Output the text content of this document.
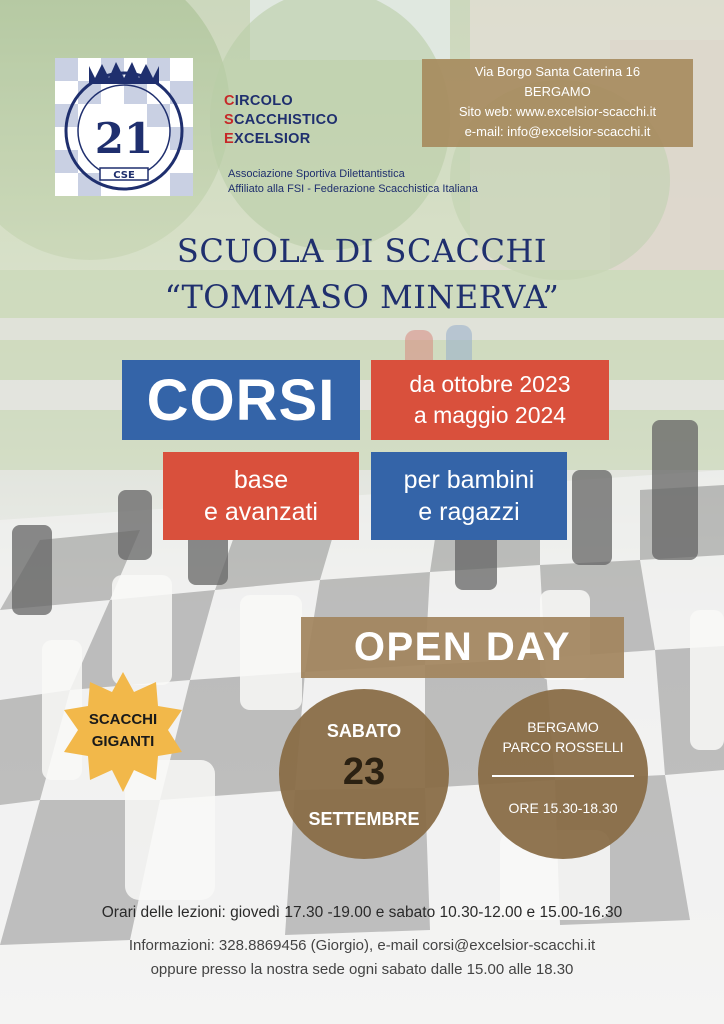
21
CSE
CIRCOLO
SCACCHISTICO
EXCELSIOR
Associazione Sportiva Dilettantistica
Affiliato alla FSI - Federazione Scacchistica Italiana
Via Borgo Santa Caterina 16
BERGAMO
Sito web: www.excelsior-scacchi.it
e-mail: info@excelsior-scacchi.it
SCUOLA DI SCACCHI
“TOMMASO MINERVA”
CORSI	da ottobre 2023
a maggio 2024
base
e avanzati
per bambini
e ragazzi
OPEN DAY
SABATO
23
SETTEMBRE
BERGAMO
PARCO ROSSELLI
ORE 15.30-18.30
SCACCHI
GIGANTI
Orari delle lezioni: giovedì 17.30 -19.00 e sabato 10.30-12.00 e 15.00-16.30
Informazioni: 328.8869456 (Giorgio), e-mail corsi@excelsior-scacchi.it
oppure presso la nostra sede ogni sabato dalle 15.00 alle 18.30
